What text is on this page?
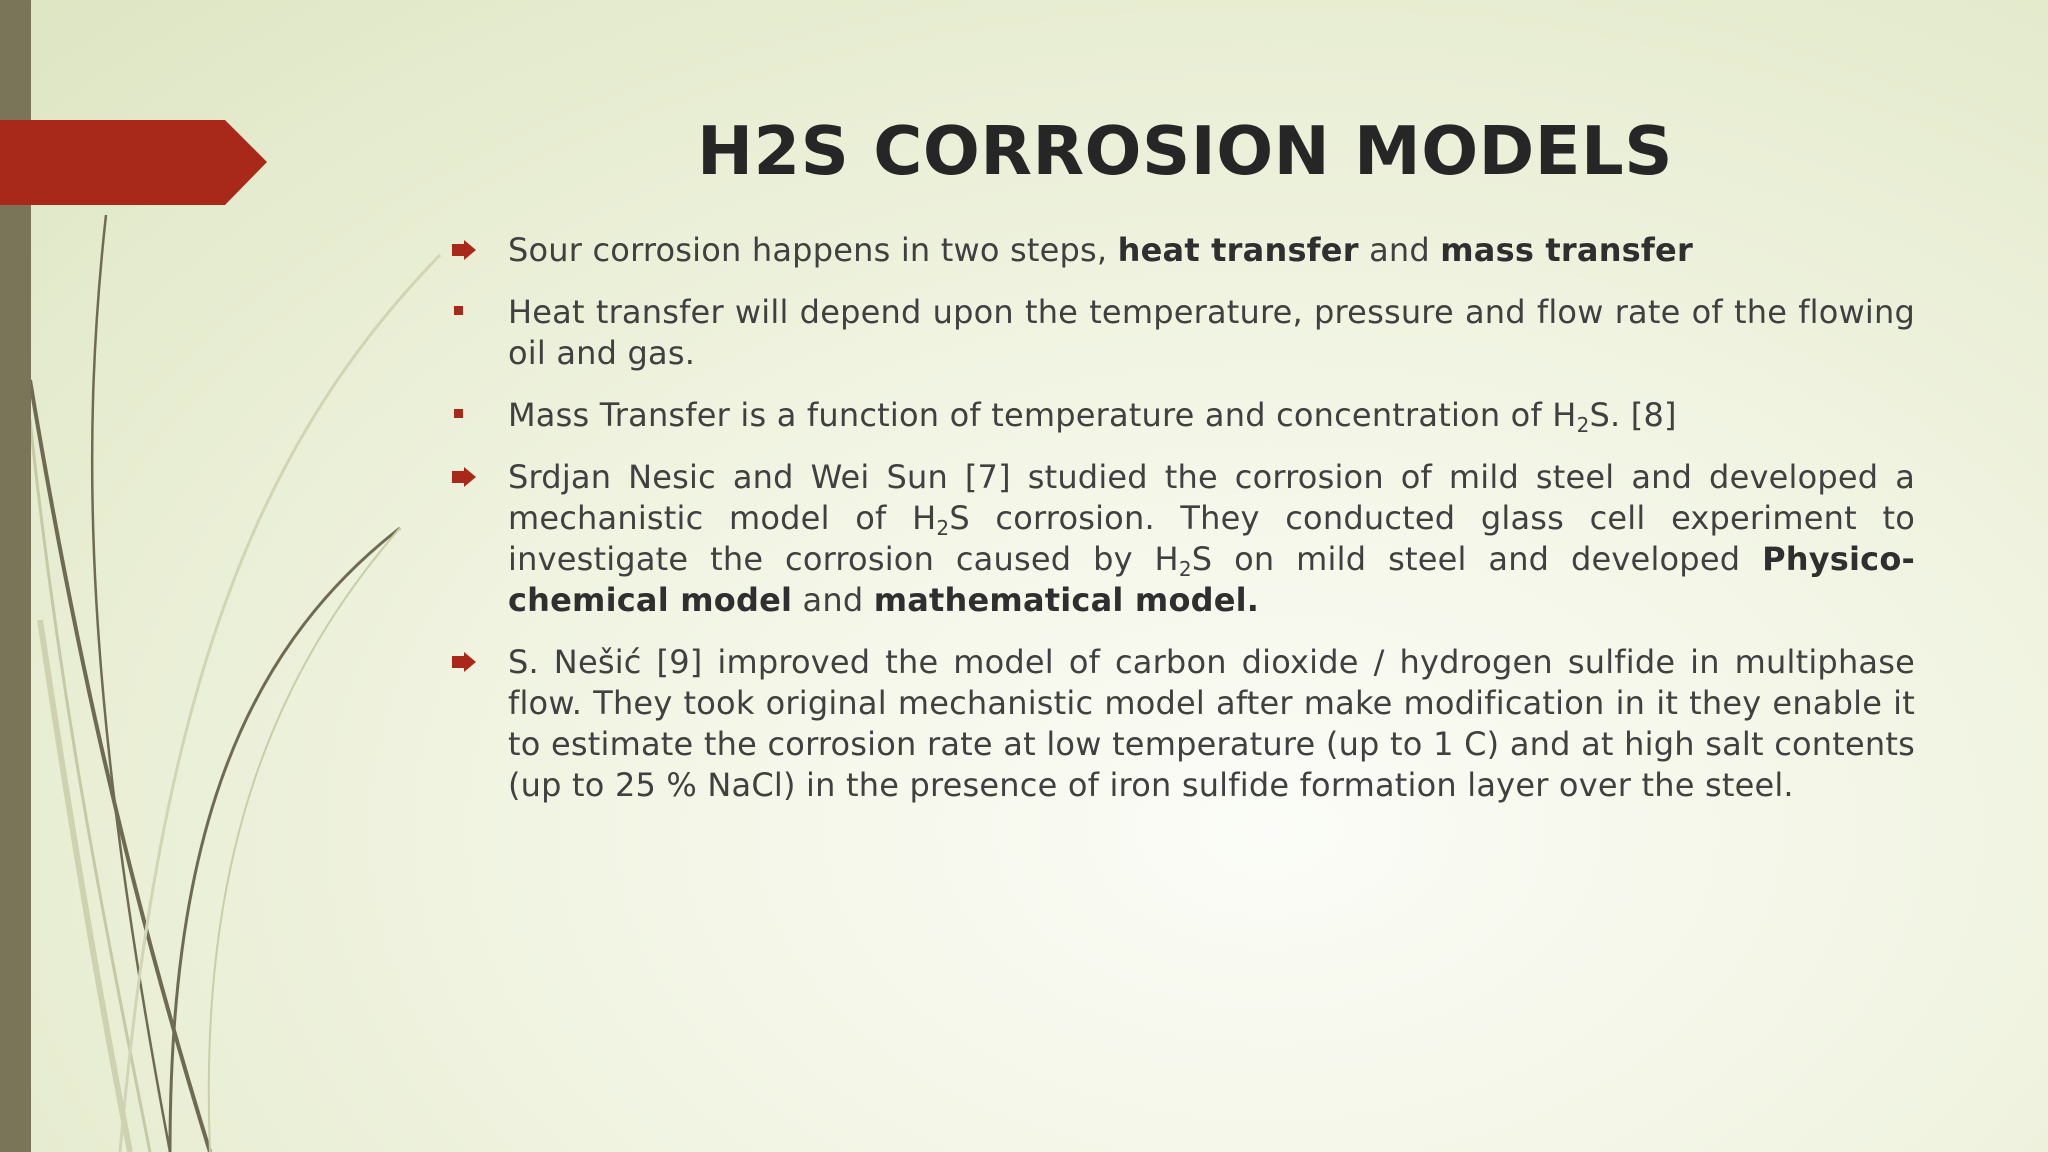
H2S CORROSION MODELS

Sour corrosion happens in two steps, heat transfer and mass transfer

Heat transfer will depend upon the temperature, pressure and flow rate of the flowing oil and gas.

Mass Transfer is a function of temperature and concentration of $H_2S$. [8]

Srdjan Nesic and Wei Sun [7] studied the corrosion of mild steel and developed a mechanistic model of $H_2S$ corrosion. They conducted glass cell experiment to investigate the corrosion caused by $H_2S$ on mild steel and developed Physico-chemical model and mathematical model.

S. Nešić [9] improved the model of carbon dioxide / hydrogen sulfide in multiphase flow. They took original mechanistic model after make modification in it they enable it to estimate the corrosion rate at low temperature (up to 1 C) and at high salt contents (up to 25 % NaCl) in the presence of iron sulfide formation layer over the steel.
